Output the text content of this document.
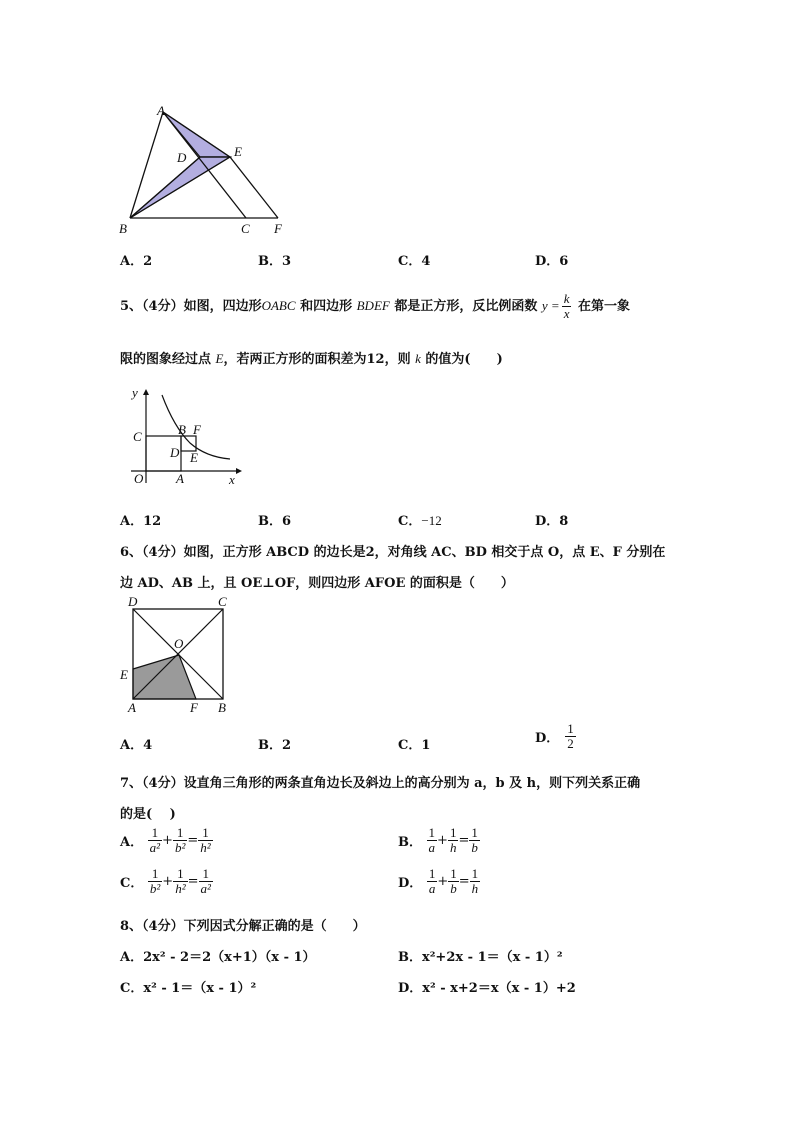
A
D	E
B	C F
A．2	B．3	C．4	D．6
5、（4分）如图，四边形OABC 和四边形 BDEF 都是正方形，反比例函数 $y = \frac{k}{x}$ 在第一象
限的图象经过点 E，若两正方形的面积差为12，则 k 的值为(　　)
y
C
O	A	x
B F
D E
A．12	B．6	C．−12	D．8
6、（4分）如图，正方形 ABCD 的边长是2，对角线 AC、BD 相交于点 O，点 E、F 分别在
边 AD、AB 上，且 OE⊥OF，则四边形 AFOE 的面积是（　　）
D	C
O
E
A	F B
A．4	B．2	C．1	D． $\frac{1}{2}$
7、（4分）设直角三角形的两条直角边长及斜边上的高分别为 a，b 及 h，则下列关系正确
的是(　 )
A． $\frac{1}{\text{a²}} + \frac{1}{\text{b²}} = \frac{1}{\text{h²}}$	B． $\frac{1}{a} + \frac{1}{h} = \frac{1}{b}$
C． $\frac{1}{\text{b²}} + \frac{1}{\text{h²}} = \frac{1}{\text{a²}}$	D． $\frac{1}{a} + \frac{1}{b} = \frac{1}{h}$
8、（4分）下列因式分解正确的是（　　）
A．2x² - 2＝2（x+1）（x - 1）	B．x²+2x - 1＝（x - 1）²
C．x² - 1＝（x - 1）²	D．x² - x+2＝x（x - 1）+2
